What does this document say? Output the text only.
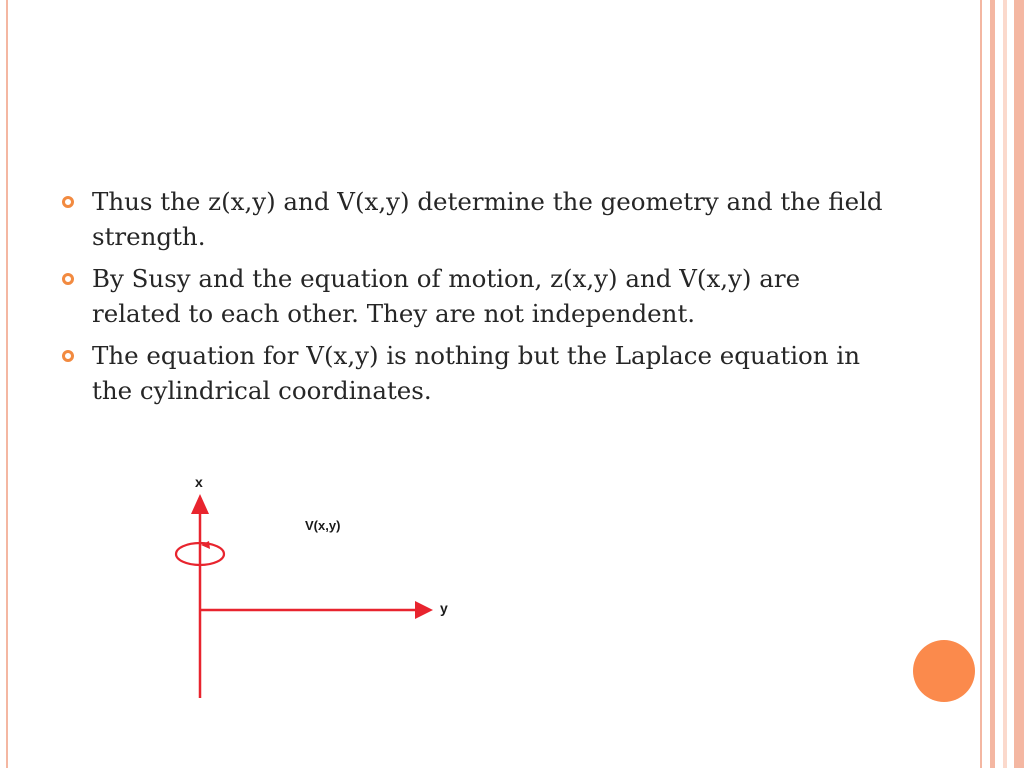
Thus the z(x,y) and V(x,y) determine the geometry and the field strength.
By Susy and the equation of motion, z(x,y) and V(x,y) are related to each other. They are not independent.
The equation for V(x,y) is nothing but the Laplace equation in the cylindrical coordinates.
x
y
V(x,y)
